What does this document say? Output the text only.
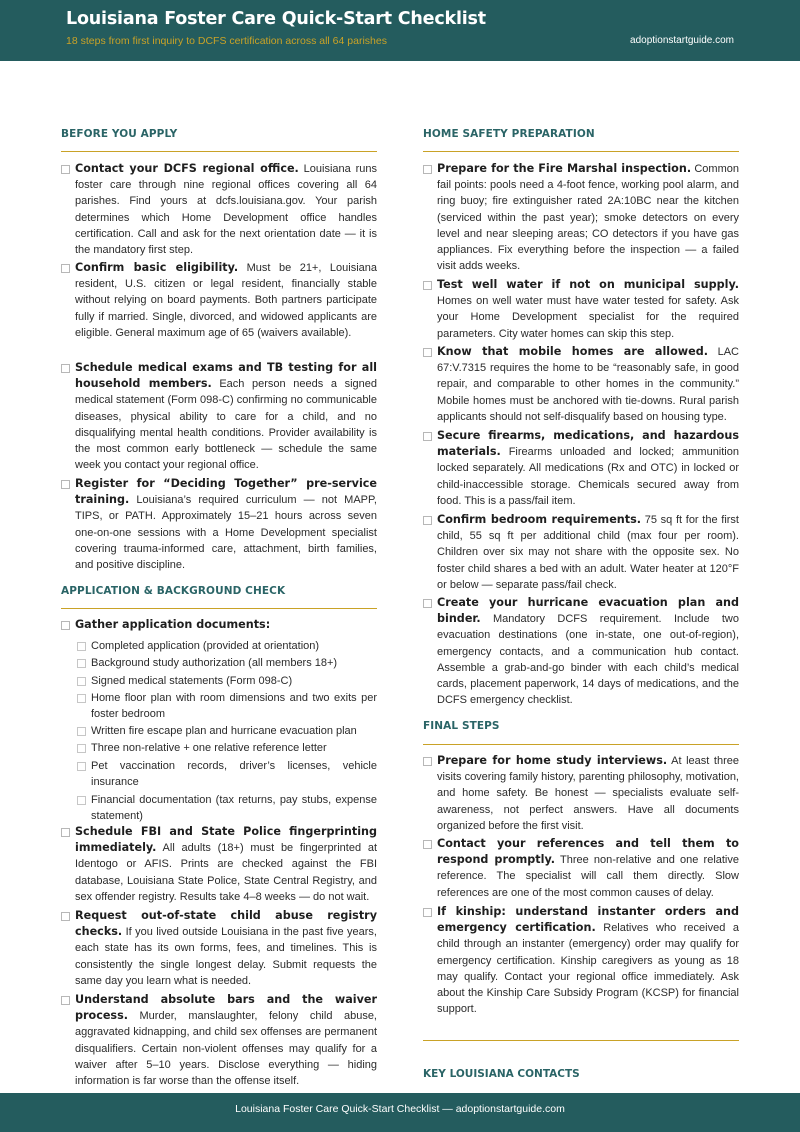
Louisiana Foster Care Quick-Start Checklist
18 steps from first inquiry to DCFS certification across all 64 parishes	adoptionstartguide.com
BEFORE YOU APPLY
Contact your DCFS regional office. Louisiana runs foster care through nine regional offices covering all 64 parishes. Find yours at dcfs.louisiana.gov. Your parish determines which Home Development office handles certification. Call and ask for the next orientation date — it is the mandatory first step.
Confirm basic eligibility. Must be 21+, Louisiana resident, U.S. citizen or legal resident, financially stable without relying on board payments. Both partners participate fully if married. Single, divorced, and widowed applicants are eligible. General maximum age of 65 (waivers available).
Schedule medical exams and TB testing for all household members. Each person needs a signed medical statement (Form 098-C) confirming no communicable diseases, physical ability to care for a child, and no disqualifying mental health conditions. Provider availability is the most common early bottleneck — schedule the same week you contact your regional office.
Register for “Deciding Together” pre-service training. Louisiana’s required curriculum — not MAPP, TIPS, or PATH. Approximately 15–21 hours across seven one-on-one sessions with a Home Development specialist covering trauma-informed care, attachment, birth families, and positive discipline.
APPLICATION & BACKGROUND CHECK
Gather application documents:
Completed application (provided at orientation)
Background study authorization (all members 18+)
Signed medical statements (Form 098-C)
Home floor plan with room dimensions and two exits per foster bedroom
Written fire escape plan and hurricane evacuation plan
Three non-relative + one relative reference letter
Pet vaccination records, driver’s licenses, vehicle insurance
Financial documentation (tax returns, pay stubs, expense statement)
Schedule FBI and State Police fingerprinting immediately. All adults (18+) must be fingerprinted at Identogo or AFIS. Prints are checked against the FBI database, Louisiana State Police, State Central Registry, and sex offender registry. Results take 4–8 weeks — do not wait.
Request out-of-state child abuse registry checks. If you lived outside Louisiana in the past five years, each state has its own forms, fees, and timelines. This is consistently the single longest delay. Submit requests the same day you learn what is needed.
Understand absolute bars and the waiver process. Murder, manslaughter, felony child abuse, aggravated kidnapping, and child sex offenses are permanent disqualifiers. Certain non-violent offenses may qualify for a waiver after 5–10 years. Disclose everything — hiding information is far worse than the offense itself.
HOME SAFETY PREPARATION
Prepare for the Fire Marshal inspection. Common fail points: pools need a 4-foot fence, working pool alarm, and ring buoy; fire extinguisher rated 2A:10BC near the kitchen (serviced within the past year); smoke detectors on every level and near sleeping areas; CO detectors if you have gas appliances. Fix everything before the inspection — a failed visit adds weeks.
Test well water if not on municipal supply. Homes on well water must have water tested for safety. Ask your Home Development specialist for the required parameters. City water homes can skip this step.
Know that mobile homes are allowed. LAC 67:V.7315 requires the home to be “reasonably safe, in good repair, and comparable to other homes in the community.” Mobile homes must be anchored with tie-downs. Rural parish applicants should not self-disqualify based on housing type.
Secure firearms, medications, and hazardous materials. Firearms unloaded and locked; ammunition locked separately. All medications (Rx and OTC) in locked or child-inaccessible storage. Chemicals secured away from food. This is a pass/fail item.
Confirm bedroom requirements. 75 sq ft for the first child, 55 sq ft per additional child (max four per room). Children over six may not share with the opposite sex. No foster child shares a bed with an adult. Water heater at 120°F or below — separate pass/fail check.
Create your hurricane evacuation plan and binder. Mandatory DCFS requirement. Include two evacuation destinations (one in-state, one out-of-region), emergency contacts, and a communication hub contact. Assemble a grab-and-go binder with each child’s medical cards, placement paperwork, 14 days of medications, and the DCFS emergency checklist.
FINAL STEPS
Prepare for home study interviews. At least three visits covering family history, parenting philosophy, motivation, and home safety. Be honest — specialists evaluate self-awareness, not perfect answers. Have all documents organized before the first visit.
Contact your references and tell them to respond promptly. Three non-relative and one relative reference. The specialist will call them directly. Slow references are one of the most common causes of delay.
If kinship: understand instanter orders and emergency certification. Relatives who received a child through an instanter (emergency) order may qualify for emergency certification. Kinship caregivers as young as 18 may qualify. Contact your regional office immediately. Ask about the Kinship Care Subsidy Program (KCSP) for financial support.
KEY LOUISIANA CONTACTS
Louisiana Foster Care Quick-Start Checklist — adoptionstartguide.com
